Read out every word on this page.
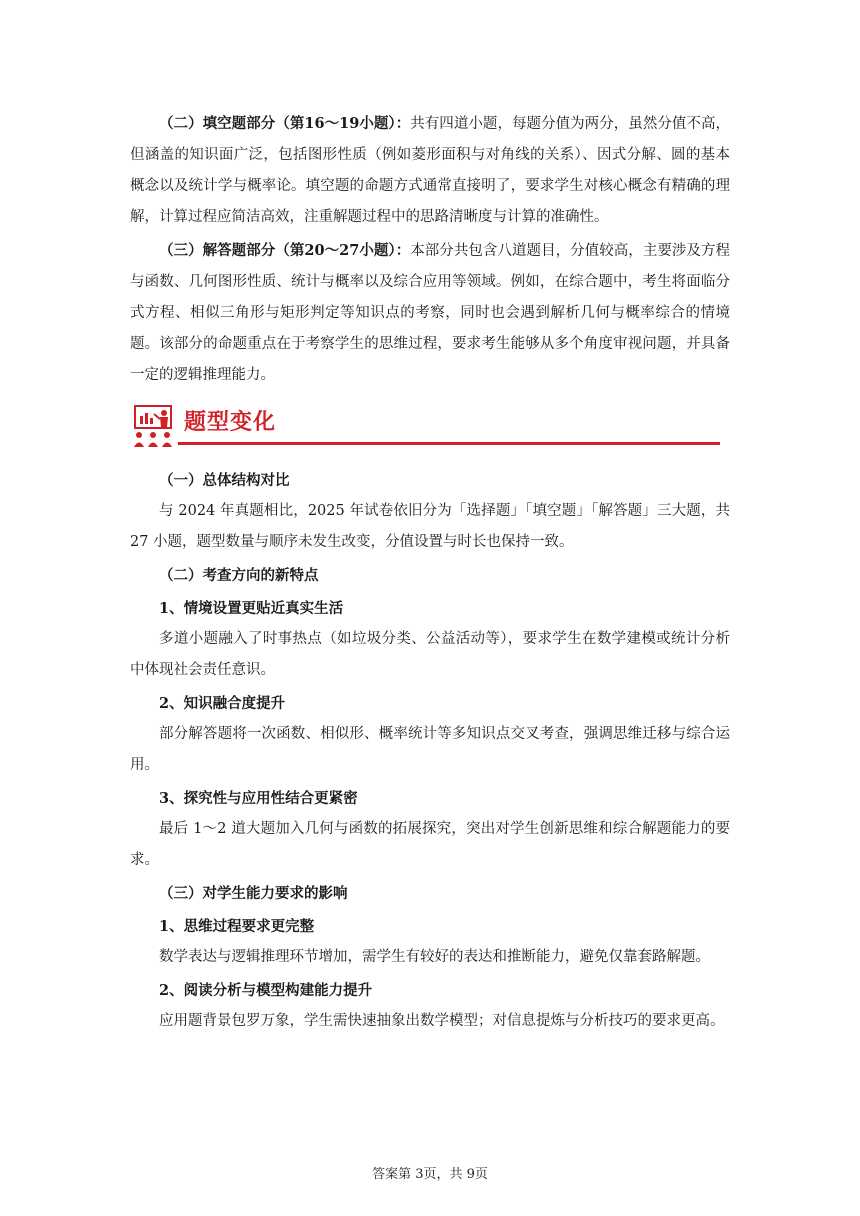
（二）填空题部分（第16～19小题）：共有四道小题，每题分值为两分，虽然分值不高，但涵盖的知识面广泛，包括图形性质（例如菱形面积与对角线的关系）、因式分解、圆的基本概念以及统计学与概率论。填空题的命题方式通常直接明了，要求学生对核心概念有精确的理解，计算过程应简洁高效，注重解题过程中的思路清晰度与计算的准确性。

（三）解答题部分（第20～27小题）：本部分共包含八道题目，分值较高，主要涉及方程与函数、几何图形性质、统计与概率以及综合应用等领域。例如，在综合题中，考生将面临分式方程、相似三角形与矩形判定等知识点的考察，同时也会遇到解析几何与概率综合的情境题。该部分的命题重点在于考察学生的思维过程，要求考生能够从多个角度审视问题，并具备一定的逻辑推理能力。

题型变化

（一）总体结构对比

与 2024 年真题相比，2025 年试卷依旧分为「选择题」「填空题」「解答题」三大题，共 27 小题，题型数量与顺序未发生改变，分值设置与时长也保持一致。

（二）考查方向的新特点

1、情境设置更贴近真实生活

多道小题融入了时事热点（如垃圾分类、公益活动等），要求学生在数学建模或统计分析中体现社会责任意识。

2、知识融合度提升

部分解答题将一次函数、相似形、概率统计等多知识点交叉考查，强调思维迁移与综合运用。

3、探究性与应用性结合更紧密

最后 1～2 道大题加入几何与函数的拓展探究，突出对学生创新思维和综合解题能力的要求。

（三）对学生能力要求的影响

1、思维过程要求更完整

数学表达与逻辑推理环节增加，需学生有较好的表达和推断能力，避免仅靠套路解题。

2、阅读分析与模型构建能力提升

应用题背景包罗万象，学生需快速抽象出数学模型；对信息提炼与分析技巧的要求更高。

答案第 3页，共 9页
